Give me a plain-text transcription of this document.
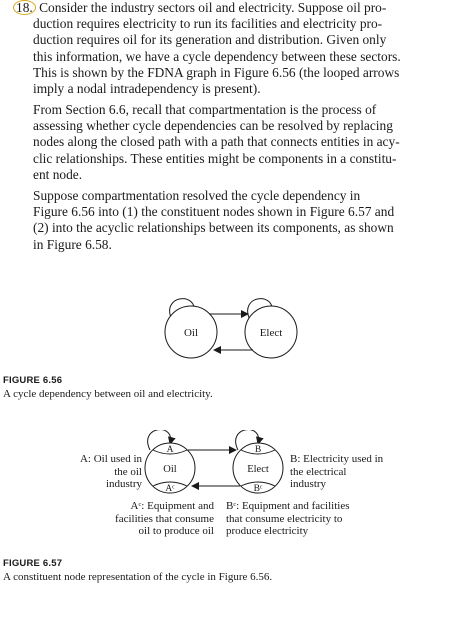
18. Consider the industry sectors oil and electricity. Suppose oil pro-
duction requires electricity to run its facilities and electricity pro-
duction requires oil for its generation and distribution. Given only
this information, we have a cycle dependency between these sectors.
This is shown by the FDNA graph in Figure 6.56 (the looped arrows
imply a nodal intradependency is present).
From Section 6.6, recall that compartmentation is the process of
assessing whether cycle dependencies can be resolved by replacing
nodes along the closed path with a path that connects entities in acy-
clic relationships. These entities might be components in a constitu-
ent node.
Suppose compartmentation resolved the cycle dependency in
Figure 6.56 into (1) the constituent nodes shown in Figure 6.57 and
(2) into the acyclic relationships between its components, as shown
in Figure 6.58.
Oil	Elect
FIGURE 6.56
A cycle dependency between oil and electricity.
A
Oil
Aᶜ
B
Elect
Bᶜ
A: Oil used in
the oil
industry
B: Electricity used in
the electrical
industry
Aᶜ: Equipment and
facilities that consume
oil to produce oil
Bᶜ: Equipment and facilities
that consume electricity to
produce electricity
FIGURE 6.57
A constituent node representation of the cycle in Figure 6.56.
